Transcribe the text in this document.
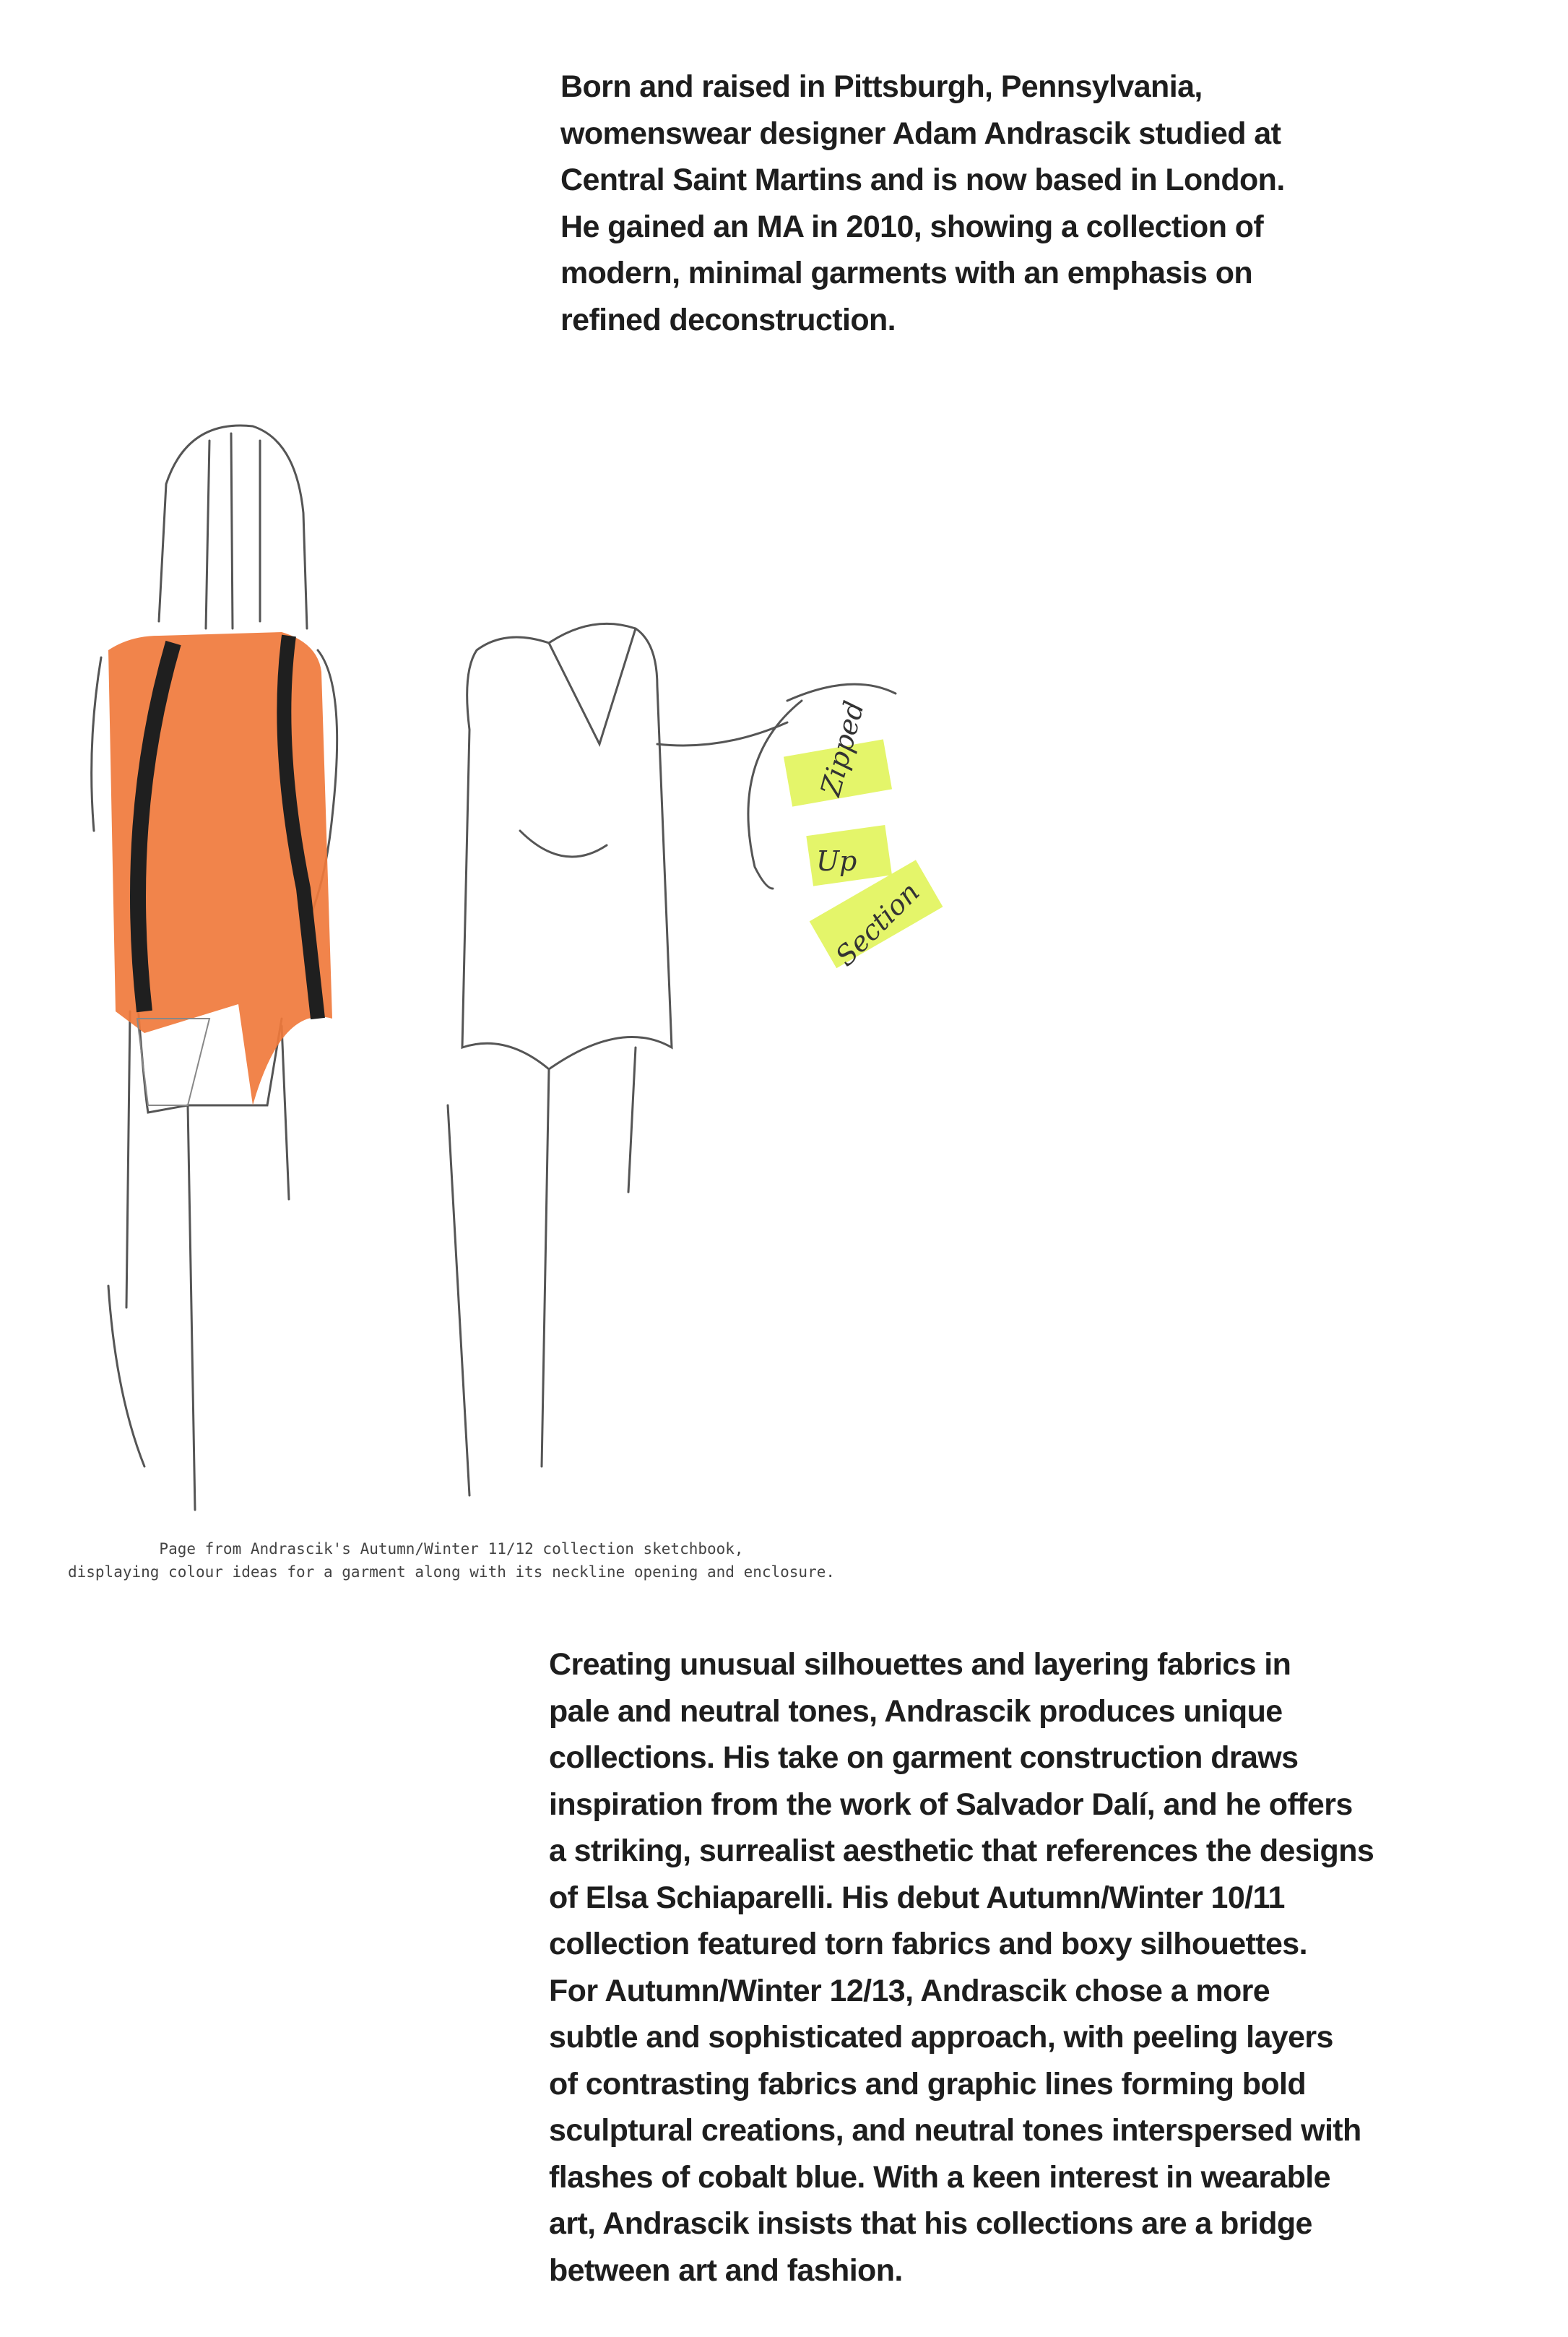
Born and raised in Pittsburgh, Pennsylvania,
womenswear designer Adam Andrascik studied at
Central Saint Martins and is now based in London.
He gained an MA in 2010, showing a collection of
modern, minimal garments with an emphasis on
refined deconstruction.
Zipped
Up
Section
Page from Andrascik's Autumn/Winter 11/12 collection sketchbook,
displaying colour ideas for a garment along with its neckline opening and enclosure.
Creating unusual silhouettes and layering fabrics in
pale and neutral tones, Andrascik produces unique
collections. His take on garment construction draws
inspiration from the work of Salvador Dalí, and he offers
a striking, surrealist aesthetic that references the designs
of Elsa Schiaparelli. His debut Autumn/Winter 10/11
collection featured torn fabrics and boxy silhouettes.
For Autumn/Winter 12/13, Andrascik chose a more
subtle and sophisticated approach, with peeling layers
of contrasting fabrics and graphic lines forming bold
sculptural creations, and neutral tones interspersed with
flashes of cobalt blue. With a keen interest in wearable
art, Andrascik insists that his collections are a bridge
between art and fashion.
